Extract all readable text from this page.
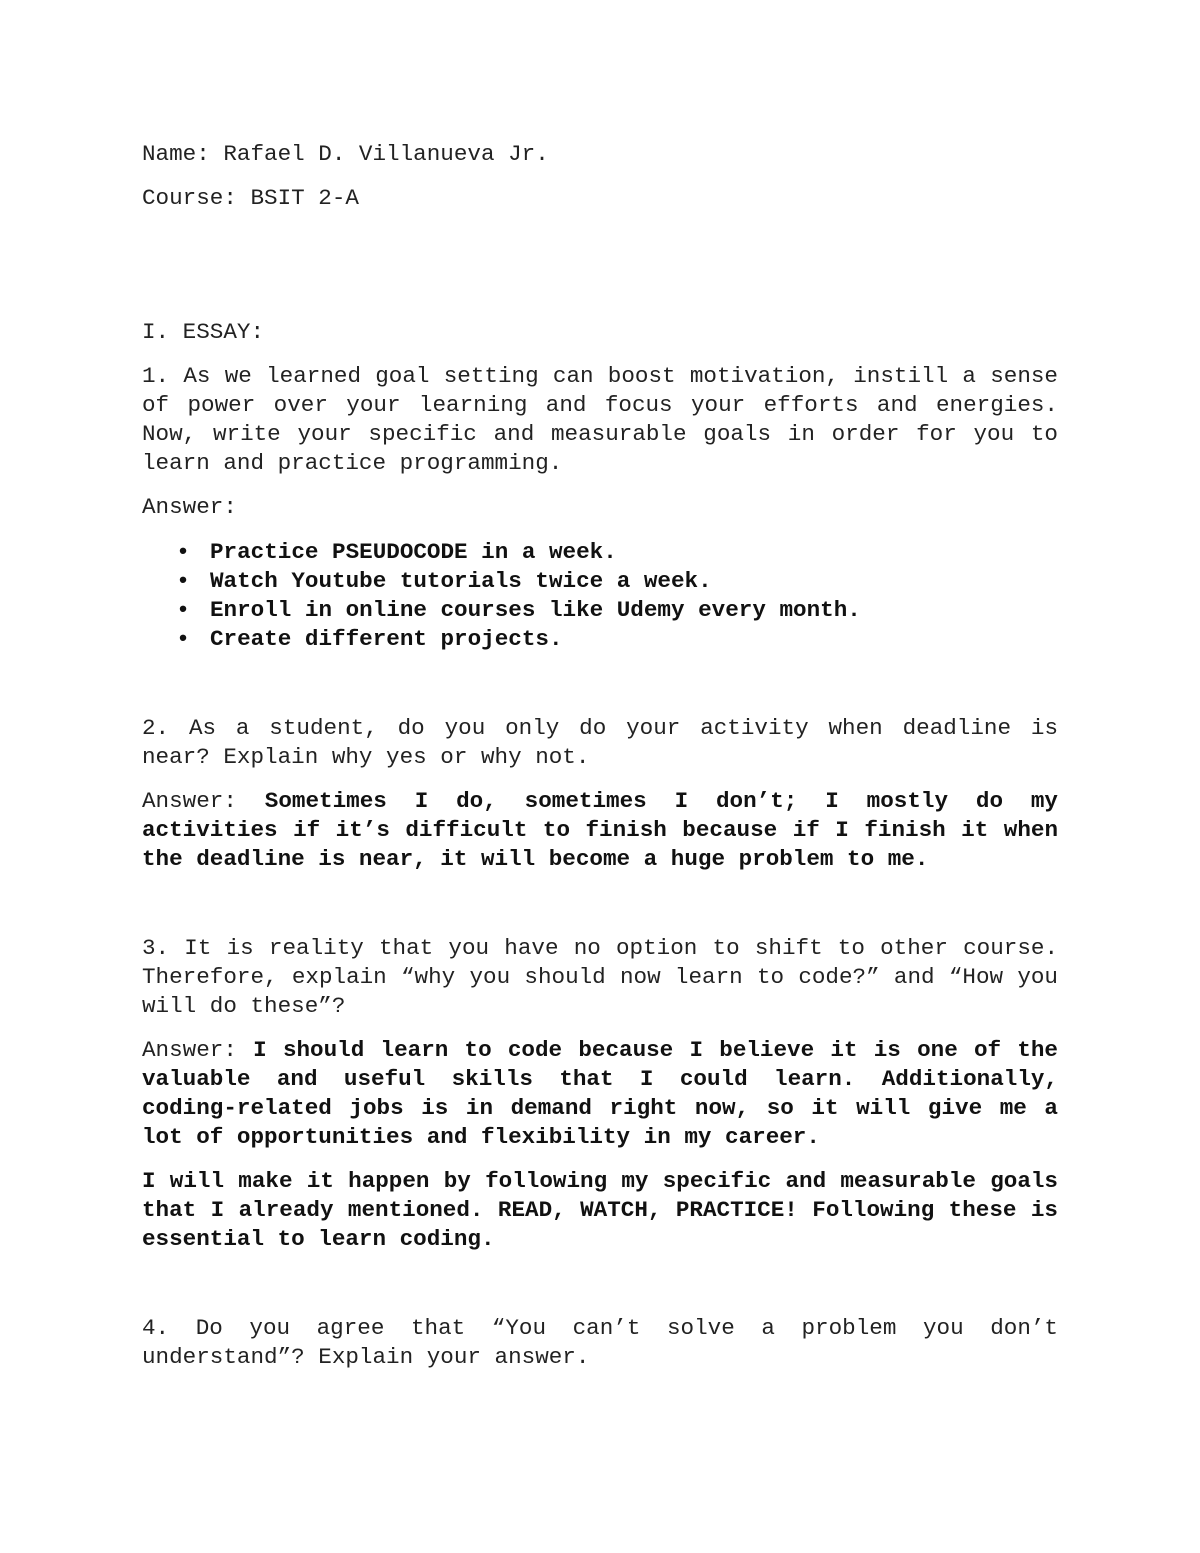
Name: Rafael D. Villanueva Jr.

Course: BSIT 2-A

I. ESSAY:

1. As we learned goal setting can boost motivation, instill a sense of power over your learning and focus your efforts and energies. Now, write your specific and measurable goals in order for you to learn and practice programming.

Answer:

• Practice PSEUDOCODE in a week.
• Watch Youtube tutorials twice a week.
• Enroll in online courses like Udemy every month.
• Create different projects.

2. As a student, do you only do your activity when deadline is near? Explain why yes or why not.

Answer: Sometimes I do, sometimes I don’t; I mostly do my activities if it’s difficult to finish because if I finish it when the deadline is near, it will become a huge problem to me.

3. It is reality that you have no option to shift to other course. Therefore, explain “why you should now learn to code?” and “How you will do these”?

Answer: I should learn to code because I believe it is one of the valuable and useful skills that I could learn. Additionally, coding-related jobs is in demand right now, so it will give me a lot of opportunities and flexibility in my career.

I will make it happen by following my specific and measurable goals that I already mentioned. READ, WATCH, PRACTICE! Following these is essential to learn coding.

4. Do you agree that “You can’t solve a problem you don’t understand”? Explain your answer.
